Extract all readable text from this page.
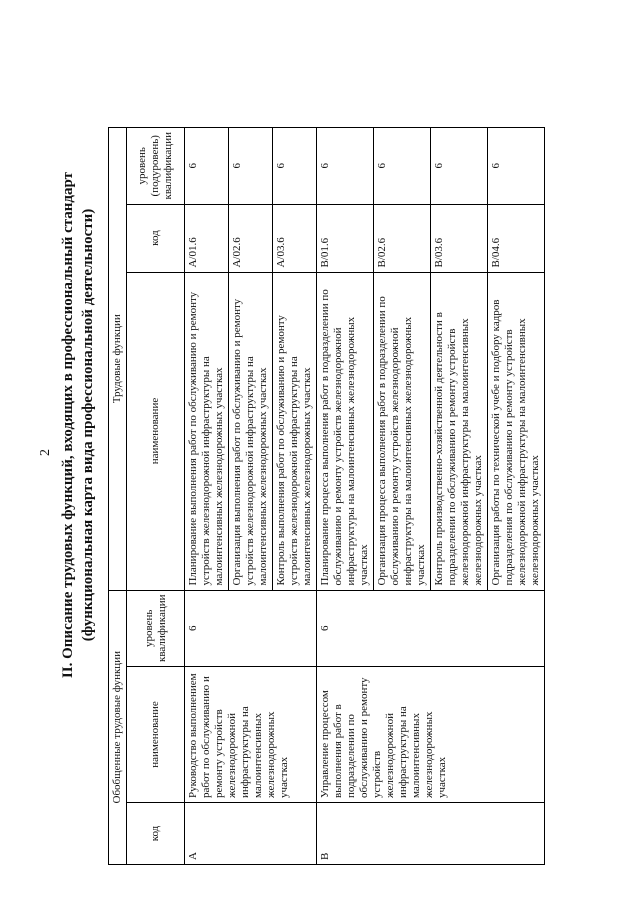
2 II. Описание трудовых функций, входящих в профессиональный стандарт (функциональная карта вида профессиональной деятельности)
Обобщенные трудовые функции			Трудовые функции		
код	наименование	уровень квалификации	наименование	код	уровень (подуровень) квалификации
A	Руководство выполнением работ по обслуживанию и ремонту устройств железнодорожной инфраструктуры на малоинтенсивных железнодорожных участках	6	Планирование выполнения работ по обслуживанию и ремонту устройств железнодорожной инфраструктуры на малоинтенсивных железнодорожных участках	A/01.6	6
			Организация выполнения работ по обслуживанию и ремонту устройств железнодорожной инфраструктуры на малоинтенсивных железнодорожных участках	A/02.6	6
			Контроль выполнения работ по обслуживанию и ремонту устройств железнодорожной инфраструктуры на малоинтенсивных железнодорожных участках	A/03.6	6
B	Управление процессом выполнения работ в подразделении по обслуживанию и ремонту устройств железнодорожной инфраструктуры на малоинтенсивных железнодорожных участках	6	Планирование процесса выполнения работ в подразделении по обслуживанию и ремонту устройств железнодорожной инфраструктуры на малоинтенсивных железнодорожных участках	B/01.6	6
			Организация процесса выполнения работ в подразделении по обслуживанию и ремонту устройств железнодорожной инфраструктуры на малоинтенсивных железнодорожных участках	B/02.6	6
			Контроль производственно-хозяйственной деятельности в подразделении по обслуживанию и ремонту устройств железнодорожной инфраструктуры на малоинтенсивных железнодорожных участках	B/03.6	6
			Организация работы по технической учебе и подбору кадров подразделения по обслуживанию и ремонту устройств железнодорожной инфраструктуры на малоинтенсивных железнодорожных участках	B/04.6	6
